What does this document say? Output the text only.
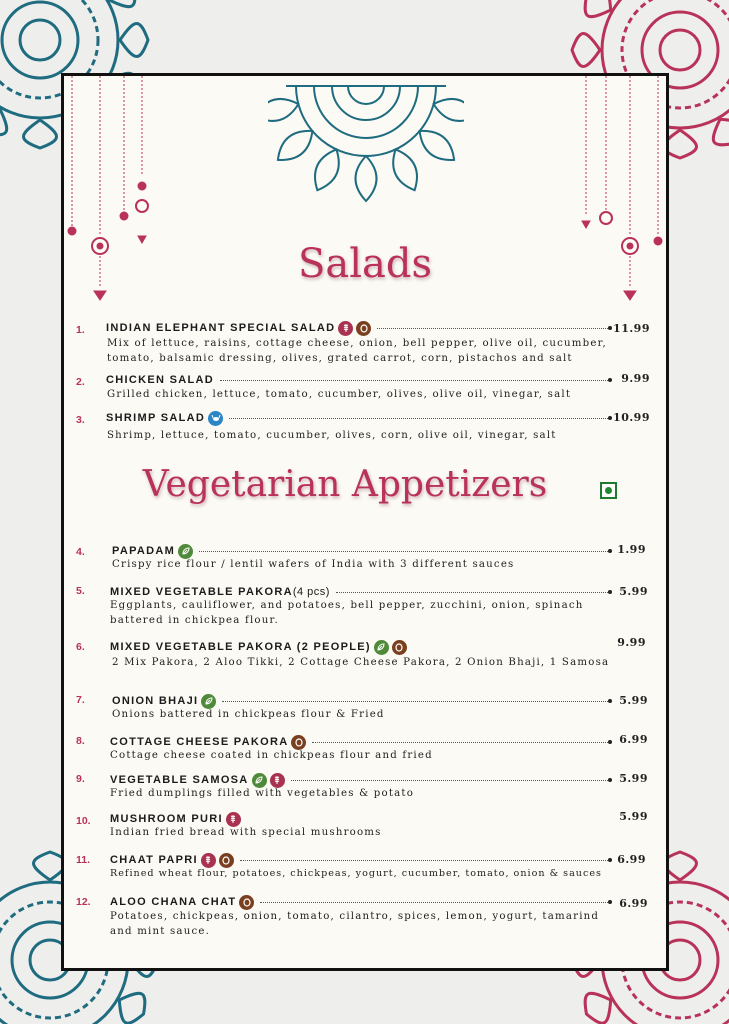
Salads
Vegetarian Appetizers
1. INDIAN ELEPHANT SPECIAL SALAD	11.99
Mix of lettuce, raisins, cottage cheese, onion, bell pepper, olive oil, cucumber, tomato, balsamic dressing, olives, grated carrot, corn, pistachos and salt
2. CHICKEN SALAD	9.99
Grilled chicken, lettuce, tomato, cucumber, olives, olive oil, vinegar, salt
3. SHRIMP SALAD	10.99
Shrimp, lettuce, tomato, cucumber, olives, corn, olive oil, vinegar, salt
4. PAPADAM	1.99
Crispy rice flour / lentil wafers of India with 3 different sauces
5. MIXED VEGETABLE PAKORA (4 pcs)	5.99
Eggplants, cauliflower, and potatoes, bell pepper, zucchini, onion, spinach battered in chickpea flour.
6. MIXED VEGETABLE PAKORA (2 PEOPLE)	9.99
2 Mix Pakora, 2 Aloo Tikki, 2 Cottage Cheese Pakora, 2 Onion Bhaji, 1 Samosa
7. ONION BHAJI	5.99
Onions battered in chickpeas flour & Fried
8. COTTAGE CHEESE PAKORA	6.99
Cottage cheese coated in chickpeas flour and fried
9. VEGETABLE SAMOSA	5.99
Fried dumplings filled with vegetables & potato
10. MUSHROOM PURI	5.99
Indian fried bread with special mushrooms
11. CHAAT PAPRI	6.99
Refined wheat flour, potatoes, chickpeas, yogurt, cucumber, tomato, onion & sauces
12. ALOO CHANA CHAT	6.99
Potatoes, chickpeas, onion, tomato, cilantro, spices, lemon, yogurt, tamarind and mint sauce.
